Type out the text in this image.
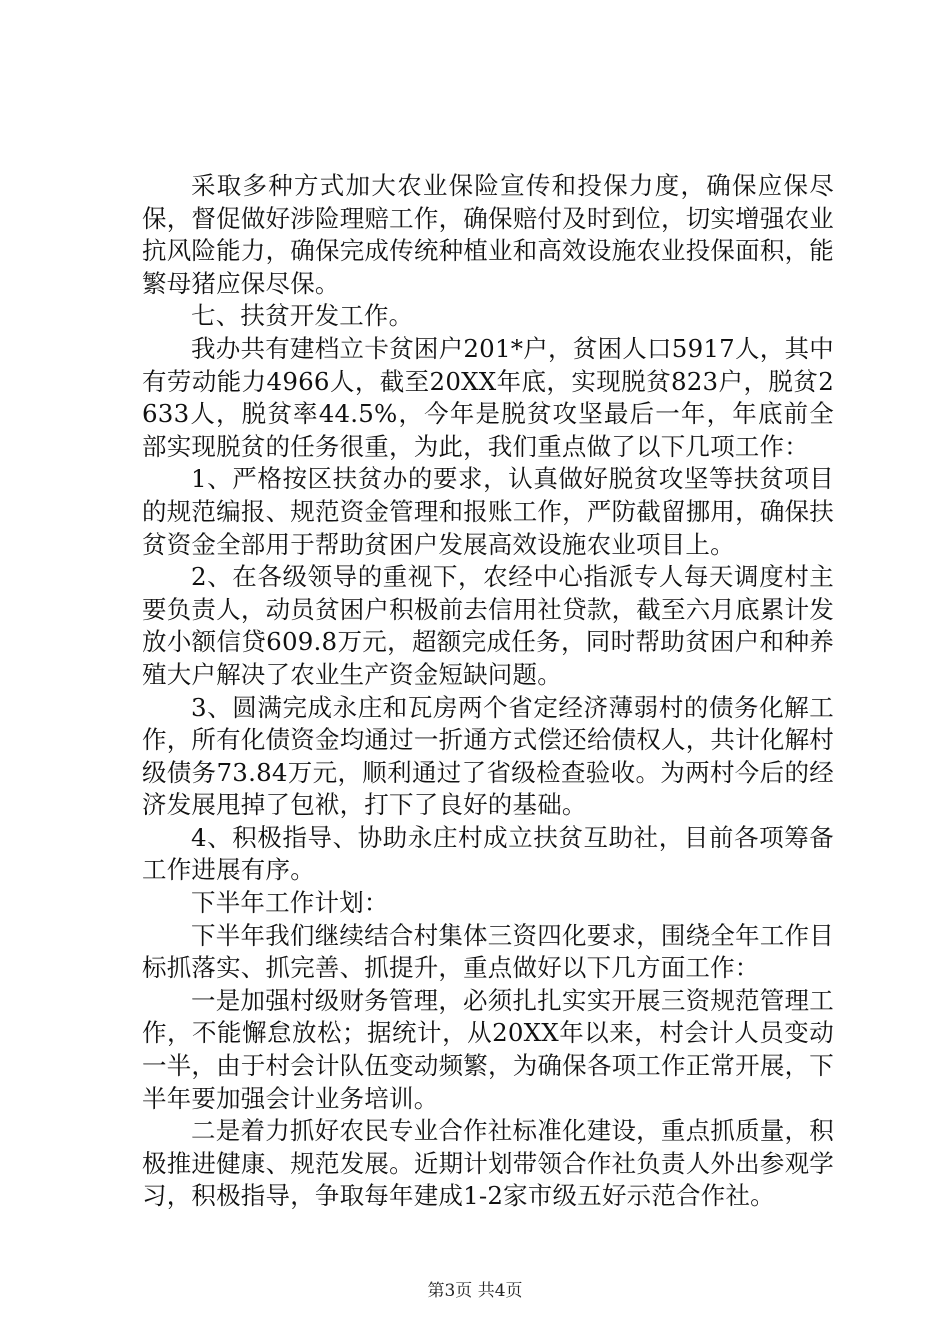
采取多种方式加大农业保险宣传和投保力度，确保应保尽保，督促做好涉险理赔工作，确保赔付及时到位，切实增强农业抗风险能力，确保完成传统种植业和高效设施农业投保面积，能繁母猪应保尽保。

七、扶贫开发工作。

我办共有建档立卡贫困户201*户，贫困人口5917人，其中有劳动能力4966人，截至20XX年底，实现脱贫823户，脱贫2633人，脱贫率44.5%，今年是脱贫攻坚最后一年，年底前全部实现脱贫的任务很重，为此，我们重点做了以下几项工作：

1、严格按区扶贫办的要求，认真做好脱贫攻坚等扶贫项目的规范编报、规范资金管理和报账工作，严防截留挪用，确保扶贫资金全部用于帮助贫困户发展高效设施农业项目上。

2、在各级领导的重视下，农经中心指派专人每天调度村主要负责人，动员贫困户积极前去信用社贷款，截至六月底累计发放小额信贷609.8万元，超额完成任务，同时帮助贫困户和种养殖大户解决了农业生产资金短缺问题。

3、圆满完成永庄和瓦房两个省定经济薄弱村的债务化解工作，所有化债资金均通过一折通方式偿还给债权人，共计化解村级债务73.84万元，顺利通过了省级检查验收。为两村今后的经济发展甩掉了包袱，打下了良好的基础。

4、积极指导、协助永庄村成立扶贫互助社，目前各项筹备工作进展有序。

下半年工作计划：

下半年我们继续结合村集体三资四化要求，围绕全年工作目标抓落实、抓完善、抓提升，重点做好以下几方面工作：

一是加强村级财务管理，必须扎扎实实开展三资规范管理工作，不能懈怠放松；据统计，从20XX年以来，村会计人员变动一半，由于村会计队伍变动频繁，为确保各项工作正常开展，下半年要加强会计业务培训。

二是着力抓好农民专业合作社标准化建设，重点抓质量，积极推进健康、规范发展。近期计划带领合作社负责人外出参观学习，积极指导，争取每年建成1-2家市级五好示范合作社。

第3页 共4页
